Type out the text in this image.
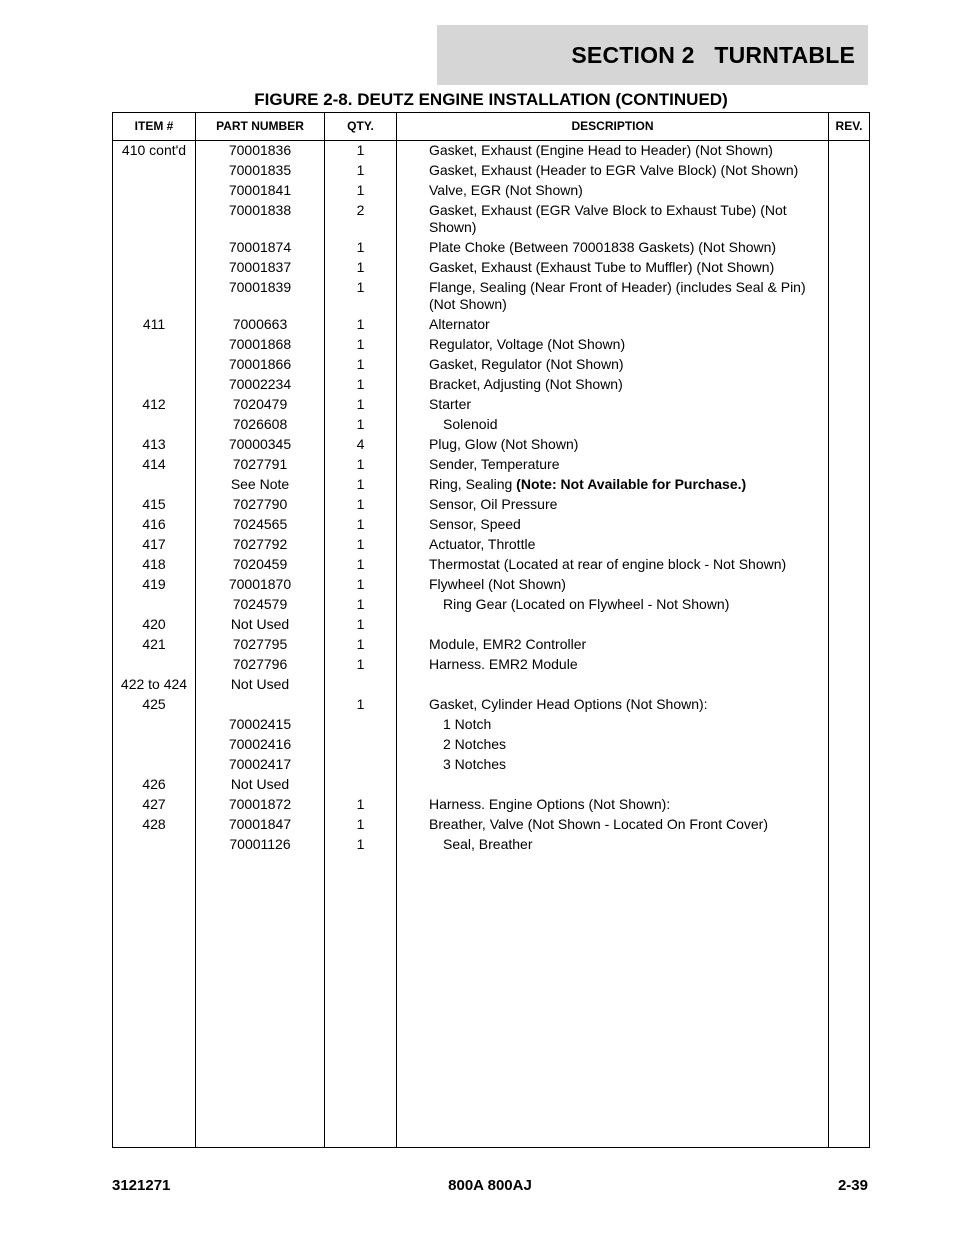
SECTION 2   TURNTABLE
FIGURE 2-8. DEUTZ ENGINE INSTALLATION (CONTINUED)
ITEM #	PART NUMBER	QTY.	DESCRIPTION	REV.
410 cont'd	70001836	1	Gasket, Exhaust (Engine Head to Header) (Not Shown)
70001835	1	Gasket, Exhaust (Header to EGR Valve Block) (Not Shown)
70001841	1	Valve, EGR (Not Shown)
70001838	2	Gasket, Exhaust (EGR Valve Block to Exhaust Tube) (Not Shown)
70001874	1	Plate Choke (Between 70001838 Gaskets) (Not Shown)
70001837	1	Gasket, Exhaust (Exhaust Tube to Muffler) (Not Shown)
70001839	1	Flange, Sealing (Near Front of Header) (includes Seal & Pin) (Not Shown)
411	7000663	1	Alternator
70001868	1	Regulator, Voltage (Not Shown)
70001866	1	Gasket, Regulator (Not Shown)
70002234	1	Bracket, Adjusting (Not Shown)
412	7020479	1	Starter
7026608	1	Solenoid
413	70000345	4	Plug, Glow (Not Shown)
414	7027791	1	Sender, Temperature
See Note	1	Ring, Sealing (Note: Not Available for Purchase.)
415	7027790	1	Sensor, Oil Pressure
416	7024565	1	Sensor, Speed
417	7027792	1	Actuator, Throttle
418	7020459	1	Thermostat (Located at rear of engine block - Not Shown)
419	70001870	1	Flywheel (Not Shown)
7024579	1	Ring Gear (Located on Flywheel - Not Shown)
420	Not Used	1
421	7027795	1	Module, EMR2 Controller
7027796	1	Harness. EMR2 Module
422 to 424	Not Used
425	1	Gasket, Cylinder Head Options (Not Shown):
70002415	1 Notch
70002416	2 Notches
70002417	3 Notches
426	Not Used
427	70001872	1	Harness. Engine Options (Not Shown):
428	70001847	1	Breather, Valve (Not Shown - Located On Front Cover)
70001126	1	Seal, Breather
3121271	800A 800AJ	2-39
